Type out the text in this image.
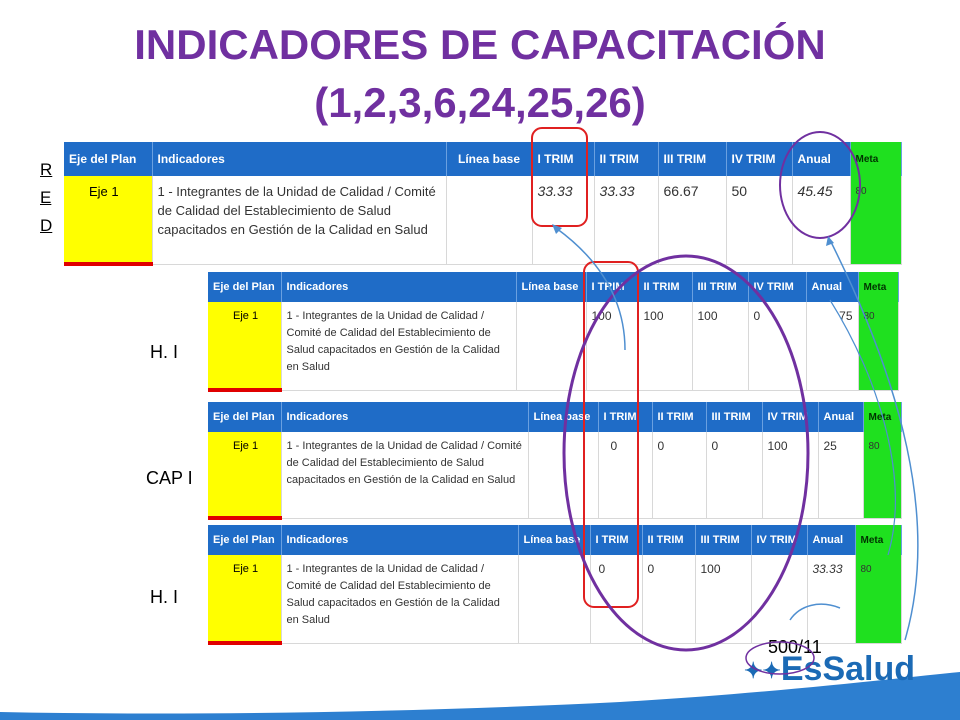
INDICADORES DE CAPACITACIÓN
(1,2,3,6,24,25,26)
R
E
D
H. I
CAP I
H. I
Eje del Plan	Indicadores	Línea base	I TRIM	II TRIM	III TRIM	IV TRIM	Anual	Meta
Eje 1	1 - Integrantes de la Unidad de Calidad / Comité de Calidad del Establecimiento de Salud capacitados en Gestión de la Calidad en Salud		33.33	33.33	66.67	50	45.45	80
Eje del Plan	Indicadores	Línea base	I TRIM	II TRIM	III TRIM	IV TRIM	Anual	Meta
Eje 1	1 - Integrantes de la Unidad de Calidad / Comité de Calidad del Establecimiento de Salud capacitados en Gestión de la Calidad en Salud		100	100	100	0	75	80
Eje del Plan	Indicadores	Línea base	I TRIM	II TRIM	III TRIM	IV TRIM	Anual	Meta
Eje 1	1 - Integrantes de la Unidad de Calidad / Comité de Calidad del Establecimiento de Salud capacitados en Gestión de la Calidad en Salud		0	0	0	100	25	80
Eje del Plan	Indicadores	Línea base	I TRIM	II TRIM	III TRIM	IV TRIM	Anual	Meta
Eje 1	1 - Integrantes de la Unidad de Calidad / Comité de Calidad del Establecimiento de Salud capacitados en Gestión de la Calidad en Salud		0	0	100		33.33	80
500/11
✦✦EsSalud
